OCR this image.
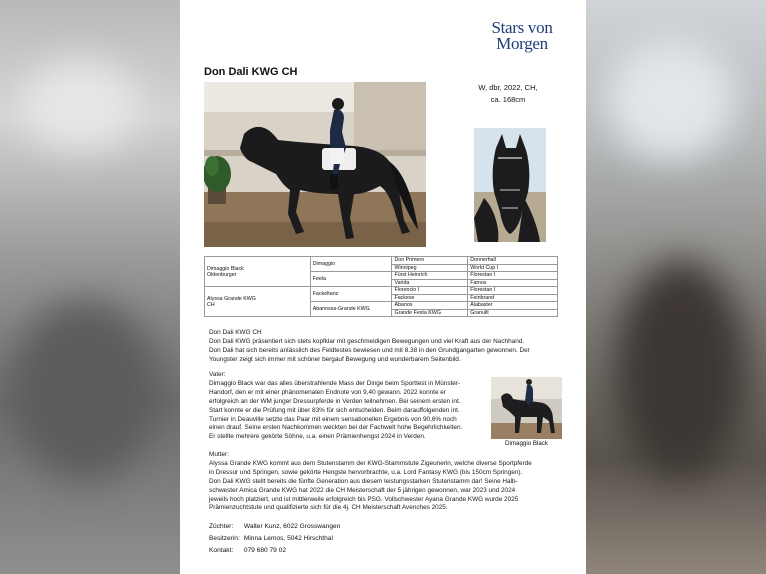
Stars von
Morgen
Don Dali KWG CH
W, dbr, 2022, CH,
ca. 168cm
Dimaggio Black
Oldenburger	Dimaggio	Don Primero	Donnerhall
		Winnipeg	World Cup I
	Feela	Fürst Heinrich	Florestan I
		Varida	Famos

Alyssa Grande KWG
CH	Fackeltanz	Florencio I	Florestan I
		Fackese	Feinbrand
	Abanossa-Grande KWG	Abanos	Alabaster
		Grande Festa KWG	Granulit
Don Dali KWG CH
Don Dali KWG präsentiert sich stets kopfklar mit geschmeidigen Bewegungen und viel Kraft aus der Nachhand.
Don Dali hat sich bereits anlässlich des Feldtestes bewiesen und mit 8.38 in den Grundgangarten gewonnen. Der
Youngster zeigt sich immer mit schöner bergauf Bewegung und wunderbarem Seitenbild.
Vater:
Dimaggio Black war das alles überstrahlende Mass der Dinge beim Sporttest in Münster-
Handorf, den er mit einer phänomenalen Endnote von 9,40 gewann. 2022 konnte er
erfolgreich an der WM junger Dressurpferde in Verden teilnehmen. Bei seinem ersten int.
Start konnte er die Prüfung mit über 83% für sich entscheiden. Beim darauffolgenden int.
Turnier in Deauville setzte das Paar mit einem sensationellen Ergebnis von 90,6% noch
einen drauf. Seine ersten Nachkommen weckten bei der Fachwelt hohe Begehrlichkeiten.
Er stellte mehrere gekörte Söhne, u.a. einen Prämienhengst 2024 in Verden.
Dimaggio Black
Mutter:
Alyssa Grande KWG kommt aus dem Stutenstamm der KWG-Stammstute Zigeunerin, welche diverse Sportpferde
in Dressur und Springen, sowie gekörte Hengste hervorbrachte, u.a. Lord Fantasy KWG (bis 150cm Springen).
Don Dali KWG stellt bereits die fünfte Generation aus diesem leistungsstarken Stutenstamm dar! Seine Halb-
schwester Amica Grande KWG hat 2022 die CH Meisterschaft der 5 jährigen gewonnen, war 2023 und 2024
jeweils hoch platziert, und ist mittlerweile erfolgreich bis PSG. Vollschwester Ayana Grande KWG wurde 2025
Prämienzuchtstute und qualifizierte sich für die 4j. CH Meisterschaft Avenches 2025.
Züchter: Walter Kunz, 6022 Grosswangen
Besitzerin: Minna Lemos, 5042 Hirschthal
Kontakt: 079 680 79 02
